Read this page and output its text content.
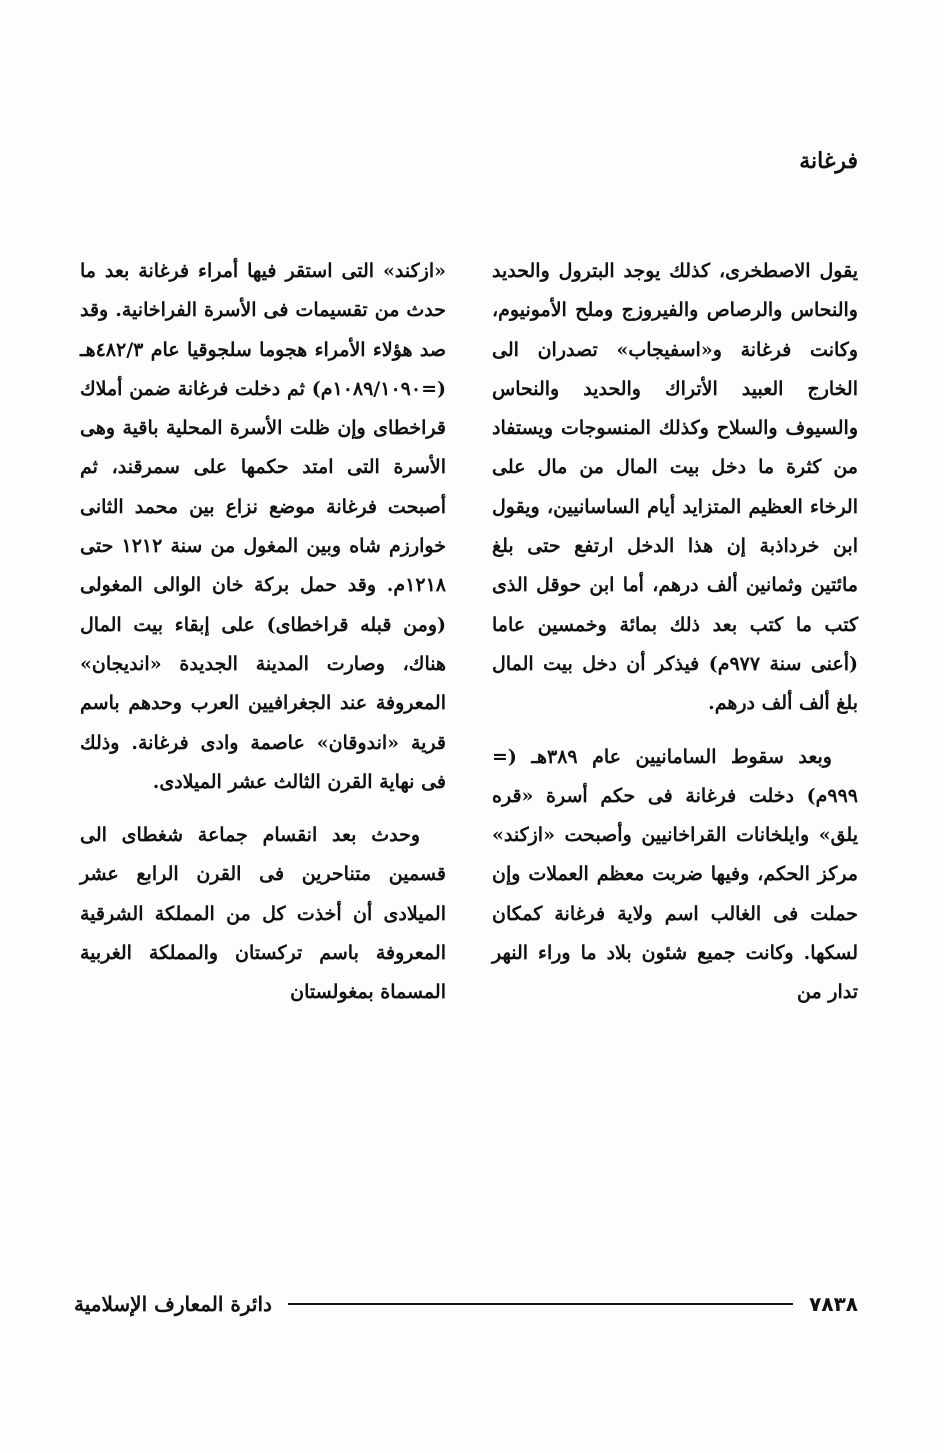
فرغانة

يقول الاصطخرى، كذلك يوجد البترول والحديد والنحاس والرصاص والفيروزج وملح الأمونيوم، وكانت فرغانة و«اسفيجاب» تصدران الى الخارج العبيد الأتراك والحديد والنحاس والسيوف والسلاح وكذلك المنسوجات ويستفاد من كثرة ما دخل بيت المال من مال على الرخاء العظيم المتزايد أيام الساسانيين، ويقول ابن خرداذبة إن هذا الدخل ارتفع حتى بلغ مائتين وثمانين ألف درهم، أما ابن حوقل الذى كتب ما كتب بعد ذلك بمائة وخمسين عاما (أعنى سنة ٩٧٧م) فيذكر أن دخل بيت المال بلغ ألف ألف درهم.

وبعد سقوط السامانيين عام ٣٨٩هـ (= ٩٩٩م) دخلت فرغانة فى حكم أسرة «قره يلق» وايلخانات القراخانيين وأصبحت «ازكند» مركز الحكم، وفيها ضربت معظم العملات وإن حملت فى الغالب اسم ولاية فرغانة كمكان لسكها. وكانت جميع شئون بلاد ما وراء النهر تدار من

«ازكند» التى استقر فيها أمراء فرغانة بعد ما حدث من تقسيمات فى الأسرة الفراخانية. وقد صد هؤلاء الأمراء هجوما سلجوقيا عام ٤٨٢/٣هـ (=١٠٨٩/١٠٩٠م) ثم دخلت فرغانة ضمن أملاك قراخطاى وإن ظلت الأسرة المحلية باقية وهى الأسرة التى امتد حكمها على سمرقند، ثم أصبحت فرغانة موضع نزاع بين محمد الثانى خوارزم شاه وبين المغول من سنة ١٢١٢ حتى ١٢١٨م. وقد حمل بركة خان الوالى المغولى (ومن قبله قراخطاى) على إبقاء بيت المال هناك، وصارت المدينة الجديدة «انديجان» المعروفة عند الجغرافيين العرب وحدهم باسم قرية «اندوقان» عاصمة وادى فرغانة. وذلك فى نهاية القرن الثالث عشر الميلادى.

وحدث بعد انقسام جماعة شغطاى الى قسمين متناحرين فى القرن الرابع عشر الميلادى أن أخذت كل من المملكة الشرقية المعروفة باسم تركستان والمملكة الغربية المسماة بمغولستان

٧٨٣٨
دائرة المعارف الإسلامية
